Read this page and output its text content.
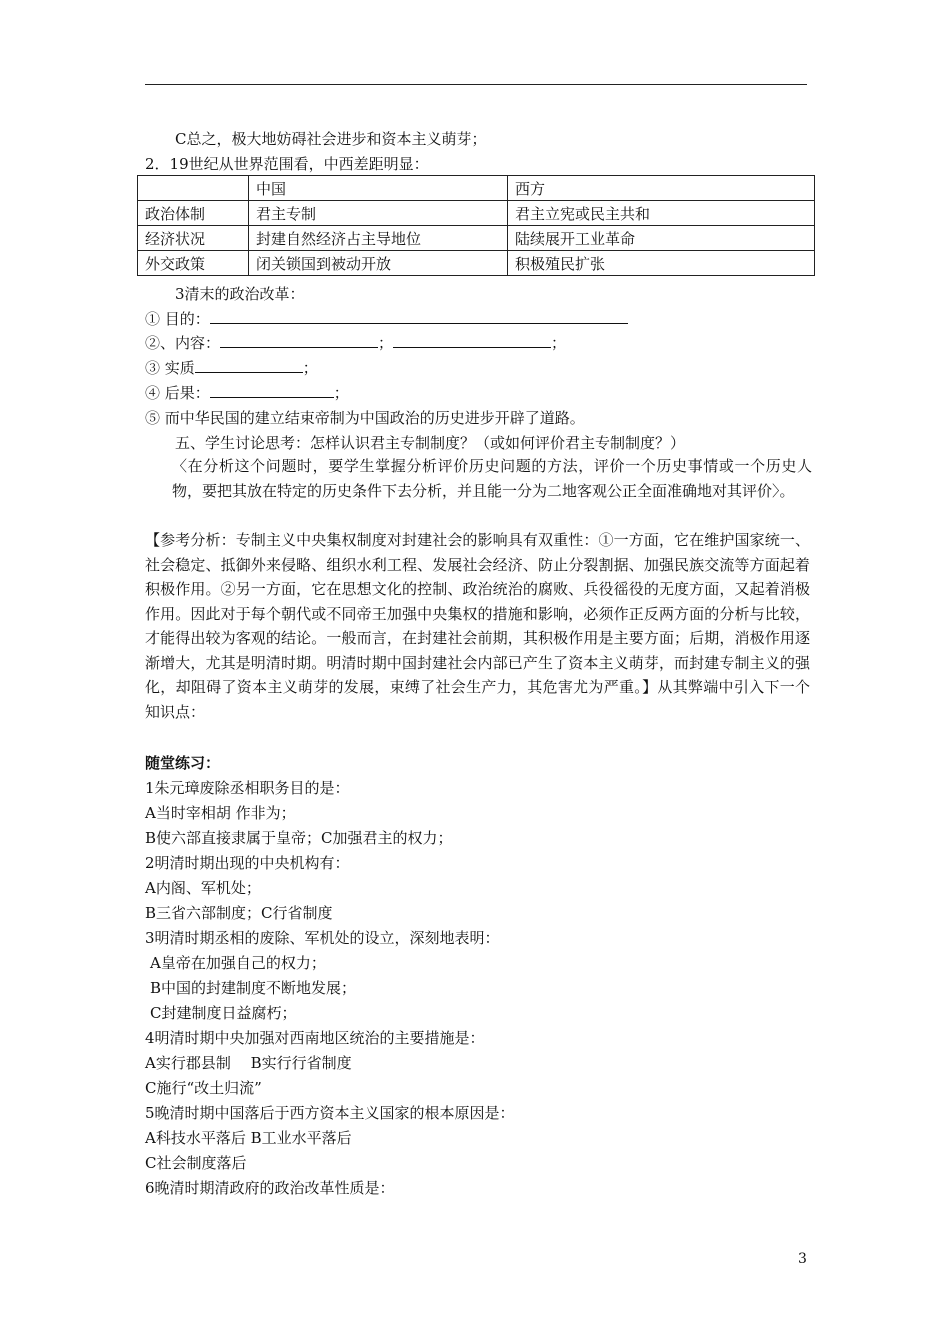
C总之，极大地妨碍社会进步和资本主义萌芽；
2．19世纪从世界范围看，中西差距明显：
	中国	西方
政治体制	君主专制	君主立宪或民主共和
经济状况	封建自然经济占主导地位	陆续展开工业革命
外交政策	闭关锁国到被动开放	积极殖民扩张
3清末的政治改革：
① 目的：
②、内容：	；	；
③ 实质	；
④ 后果：	；
⑤ 而中华民国的建立结束帝制为中国政治的历史进步开辟了道路。
五、学生讨论思考：怎样认识君主专制制度？（或如何评价君主专制制度？）
〈在分析这个问题时，要学生掌握分析评价历史问题的方法，评价一个历史事情或一个历史人物，要把其放在特定的历史条件下去分析，并且能一分为二地客观公正全面准确地对其评价〉。
【参考分析：专制主义中央集权制度对封建社会的影响具有双重性：①一方面，它在维护国家统一、社会稳定、抵御外来侵略、组织水利工程、发展社会经济、防止分裂割据、加强民族交流等方面起着积极作用。②另一方面，它在思想文化的控制、政治统治的腐败、兵役徭役的无度方面，又起着消极作用。因此对于每个朝代或不同帝王加强中央集权的措施和影响，必须作正反两方面的分析与比较，才能得出较为客观的结论。一般而言，在封建社会前期，其积极作用是主要方面；后期，消极作用逐渐增大，尤其是明清时期。明清时期中国封建社会内部已产生了资本主义萌芽，而封建专制主义的强化，却阻碍了资本主义萌芽的发展，束缚了社会生产力，其危害尤为严重。】从其弊端中引入下一个知识点：
随堂练习：
1朱元璋废除丞相职务目的是：
A当时宰相胡 作非为；
B使六部直接隶属于皇帝；C加强君主的权力；
2明清时期出现的中央机构有：
A内阁、军机处；
B三省六部制度；C行省制度
3明清时期丞相的废除、军机处的设立，深刻地表明：
A皇帝在加强自己的权力；
B中国的封建制度不断地发展；
C封建制度日益腐朽；
4明清时期中央加强对西南地区统治的主要措施是：
A实行郡县制　 B实行行省制度
C施行“改土归流”
5晚清时期中国落后于西方资本主义国家的根本原因是：
A科技水平落后 B工业水平落后
C社会制度落后
6晚清时期清政府的政治改革性质是：
3
